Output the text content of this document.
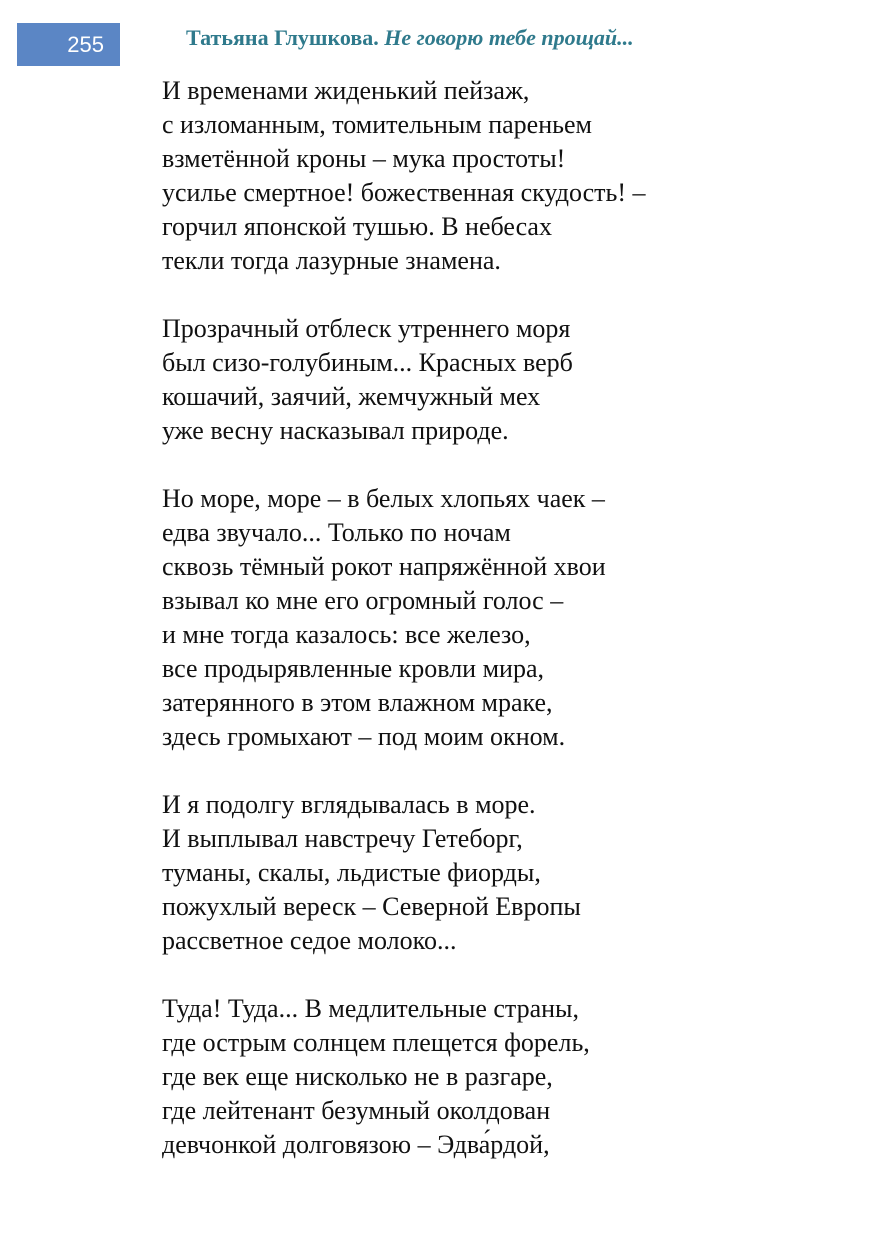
255	Татьяна Глушкова. Не говорю тебе прощай...
И временами жиденький пейзаж,
с изломанным, томительным пареньем
взметённой кроны – мука простоты!
усилье смертное! божественная скудость! –
горчил японской тушью. В небесах
текли тогда лазурные знамена.
Прозрачный отблеск утреннего моря
был сизо-голубиным... Красных верб
кошачий, заячий, жемчужный мех
уже весну насказывал природе.
Но море, море – в белых хлопьях чаек –
едва звучало... Только по ночам
сквозь тёмный рокот напряжённой хвои
взывал ко мне его огромный голос –
и мне тогда казалось: все железо,
все продырявленные кровли мира,
затерянного в этом влажном мраке,
здесь громыхают – под моим окном.
И я подолгу вглядывалась в море.
И выплывал навстречу Гетеборг,
туманы, скалы, льдистые фиорды,
пожухлый вереск – Северной Европы
рассветное седое молоко...
Туда! Туда... В медлительные страны,
где острым солнцем плещется форель,
где век еще нисколько не в разгаре,
где лейтенант безумный околдован
девчонкой долговязою – Эдва́рдой,
